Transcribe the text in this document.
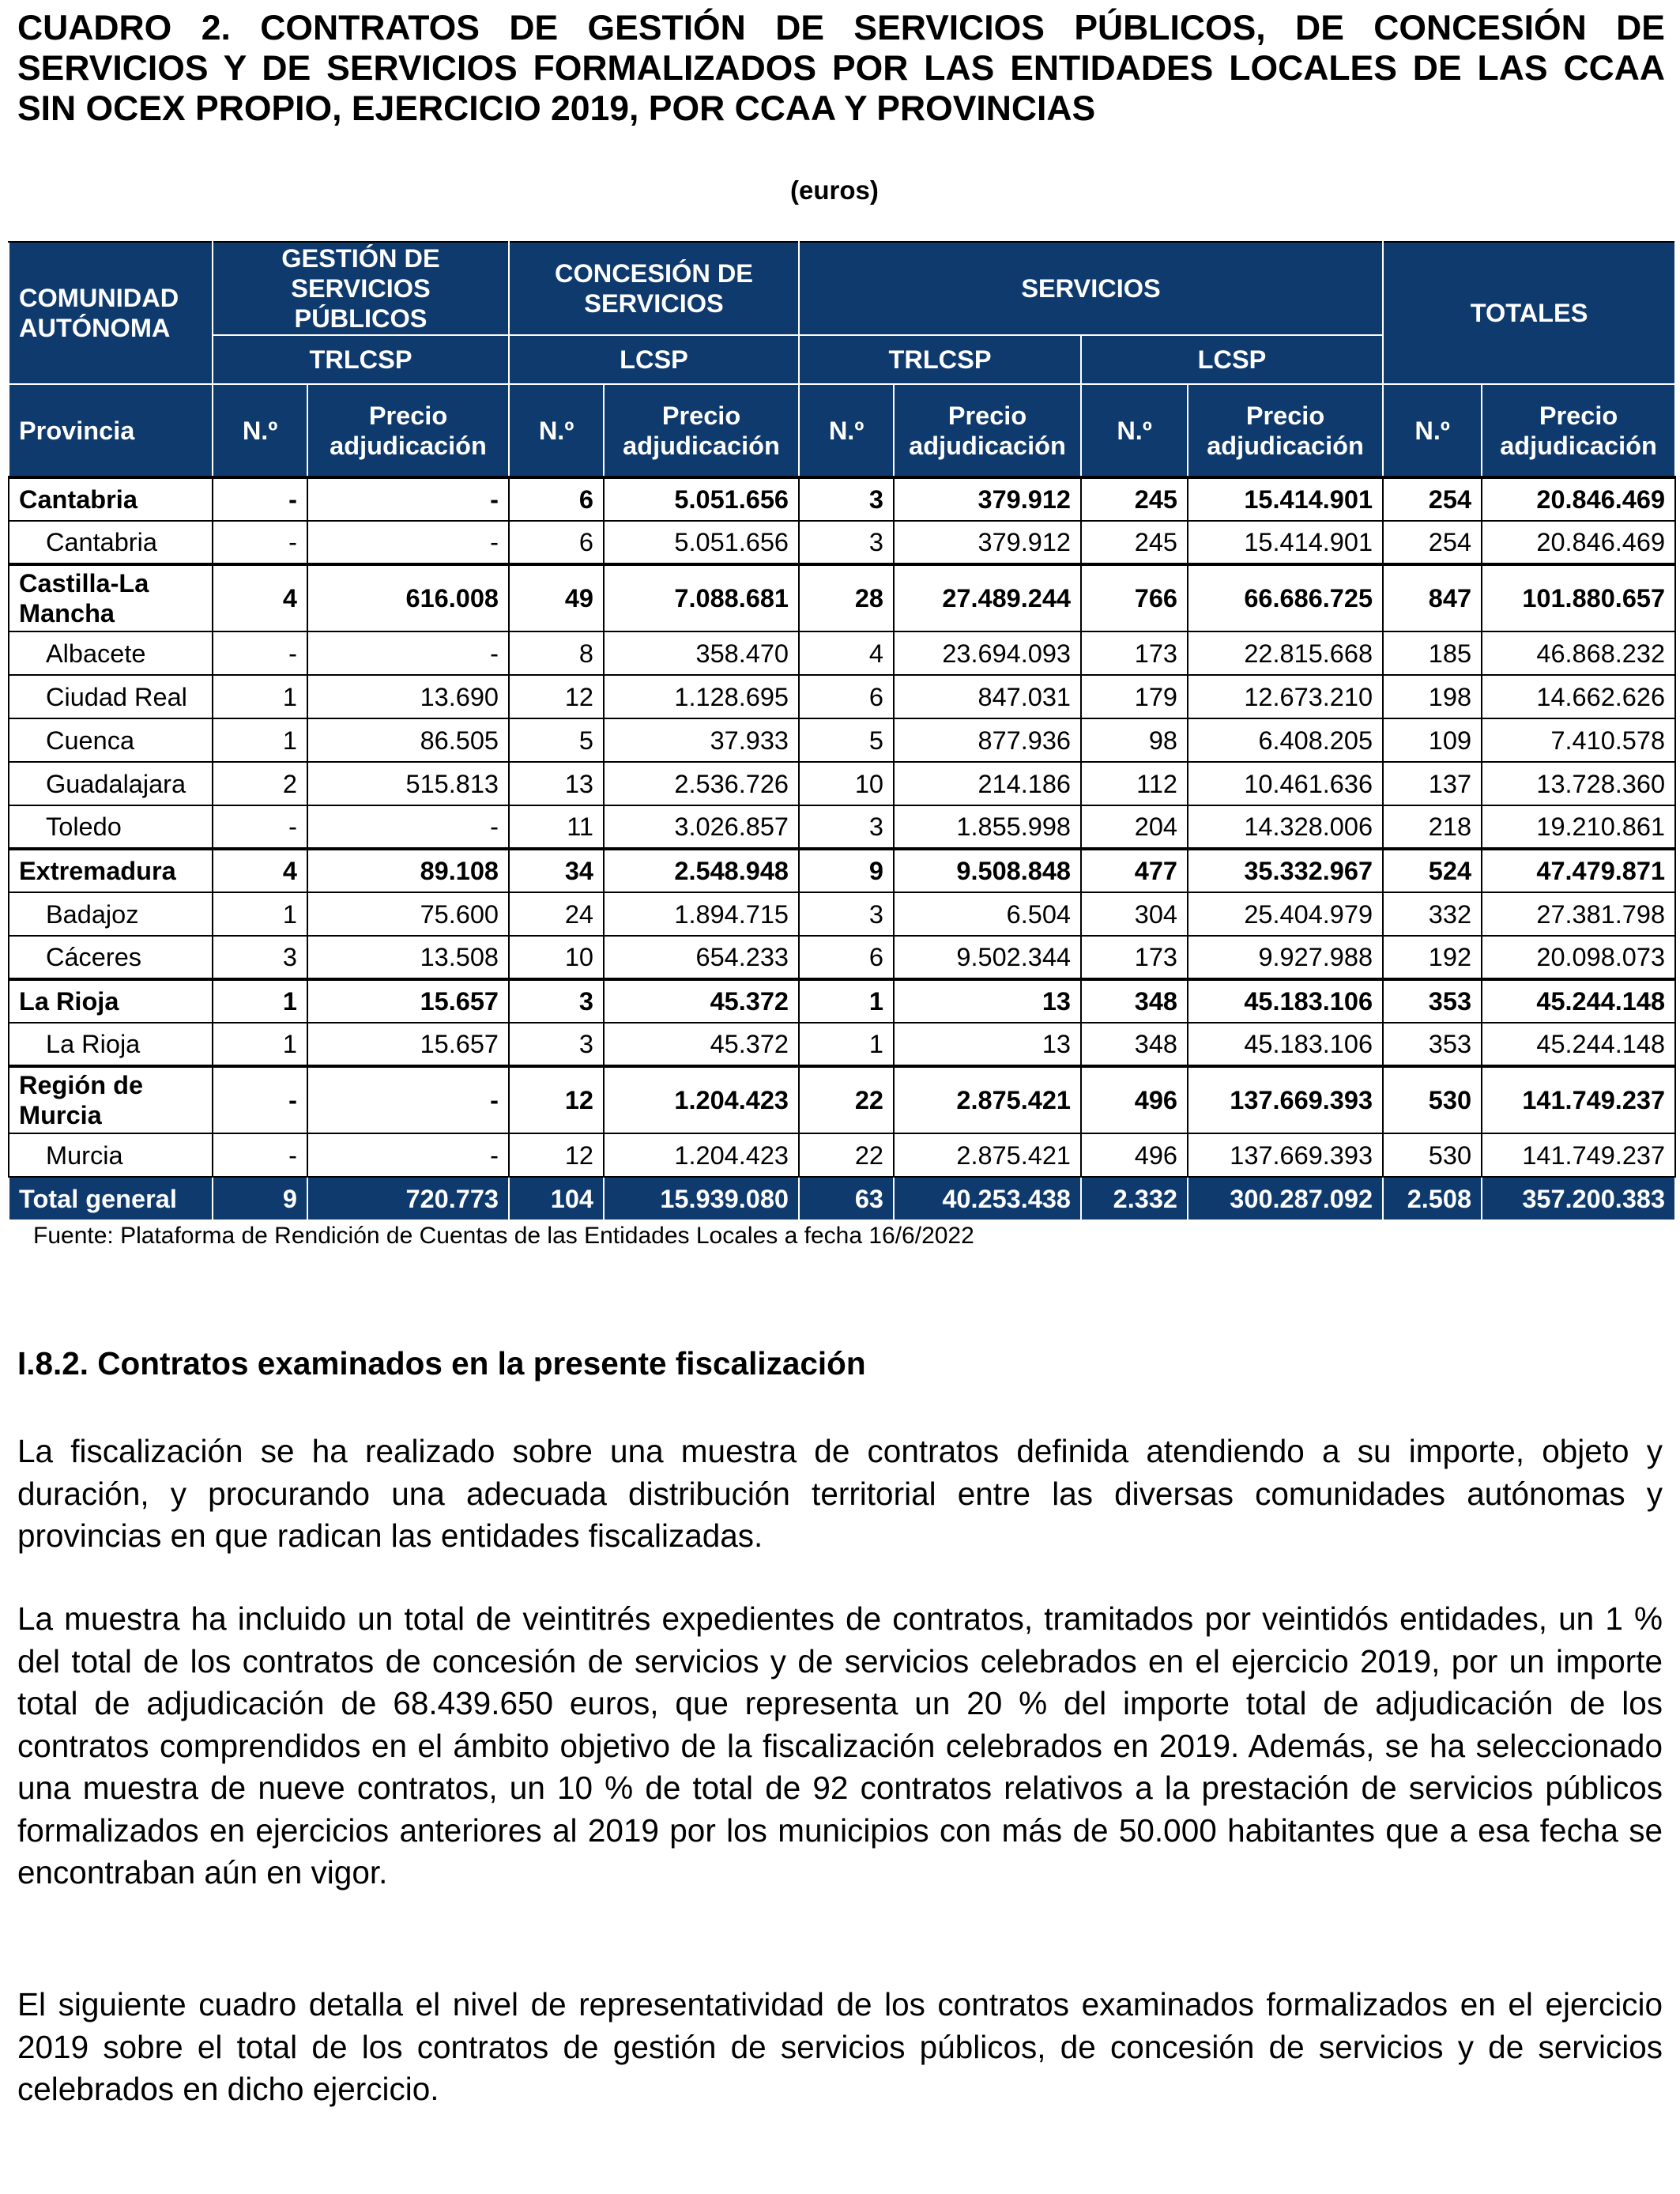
CUADRO 2. CONTRATOS DE GESTIÓN DE SERVICIOS PÚBLICOS, DE CONCESIÓN DE SERVICIOS Y DE SERVICIOS FORMALIZADOS POR LAS ENTIDADES LOCALES DE LAS CCAA SIN OCEX PROPIO, EJERCICIO 2019, POR CCAA Y PROVINCIAS
(euros)
COMUNIDAD AUTÓNOMA	GESTIÓN DE SERVICIOS PÚBLICOS		CONCESIÓN DE SERVICIOS		SERVICIOS				TOTALES	
	TRLCSP		LCSP		TRLCSP		LCSP			
Provincia	N.º	Precio adjudicación	N.º	Precio adjudicación	N.º	Precio adjudicación	N.º	Precio adjudicación	N.º	Precio adjudicación
Cantabria	-	-	6	5.051.656	3	379.912	245	15.414.901	254	20.846.469
Cantabria	-	-	6	5.051.656	3	379.912	245	15.414.901	254	20.846.469
Castilla-La Mancha	4	616.008	49	7.088.681	28	27.489.244	766	66.686.725	847	101.880.657
Albacete	-	-	8	358.470	4	23.694.093	173	22.815.668	185	46.868.232
Ciudad Real	1	13.690	12	1.128.695	6	847.031	179	12.673.210	198	14.662.626
Cuenca	1	86.505	5	37.933	5	877.936	98	6.408.205	109	7.410.578
Guadalajara	2	515.813	13	2.536.726	10	214.186	112	10.461.636	137	13.728.360
Toledo	-	-	11	3.026.857	3	1.855.998	204	14.328.006	218	19.210.861
Extremadura	4	89.108	34	2.548.948	9	9.508.848	477	35.332.967	524	47.479.871
Badajoz	1	75.600	24	1.894.715	3	6.504	304	25.404.979	332	27.381.798
Cáceres	3	13.508	10	654.233	6	9.502.344	173	9.927.988	192	20.098.073
La Rioja	1	15.657	3	45.372	1	13	348	45.183.106	353	45.244.148
La Rioja	1	15.657	3	45.372	1	13	348	45.183.106	353	45.244.148
Región de Murcia	-	-	12	1.204.423	22	2.875.421	496	137.669.393	530	141.749.237
Murcia	-	-	12	1.204.423	22	2.875.421	496	137.669.393	530	141.749.237
Total general	9	720.773	104	15.939.080	63	40.253.438	2.332	300.287.092	2.508	357.200.383
Fuente: Plataforma de Rendición de Cuentas de las Entidades Locales a fecha 16/6/2022
I.8.2. Contratos examinados en la presente fiscalización

La fiscalización se ha realizado sobre una muestra de contratos definida atendiendo a su importe, objeto y duración, y procurando una adecuada distribución territorial entre las diversas comunidades autónomas y provincias en que radican las entidades fiscalizadas.

La muestra ha incluido un total de veintitrés expedientes de contratos, tramitados por veintidós entidades, un 1 % del total de los contratos de concesión de servicios y de servicios celebrados en el ejercicio 2019, por un importe total de adjudicación de 68.439.650 euros, que representa un 20 % del importe total de adjudicación de los contratos comprendidos en el ámbito objetivo de la fiscalización celebrados en 2019. Además, se ha seleccionado una muestra de nueve contratos, un 10 % de total de 92 contratos relativos a la prestación de servicios públicos formalizados en ejercicios anteriores al 2019 por los municipios con más de 50.000 habitantes que a esa fecha se encontraban aún en vigor.

El siguiente cuadro detalla el nivel de representatividad de los contratos examinados formalizados en el ejercicio 2019 sobre el total de los contratos de gestión de servicios públicos, de concesión de servicios y de servicios celebrados en dicho ejercicio.
